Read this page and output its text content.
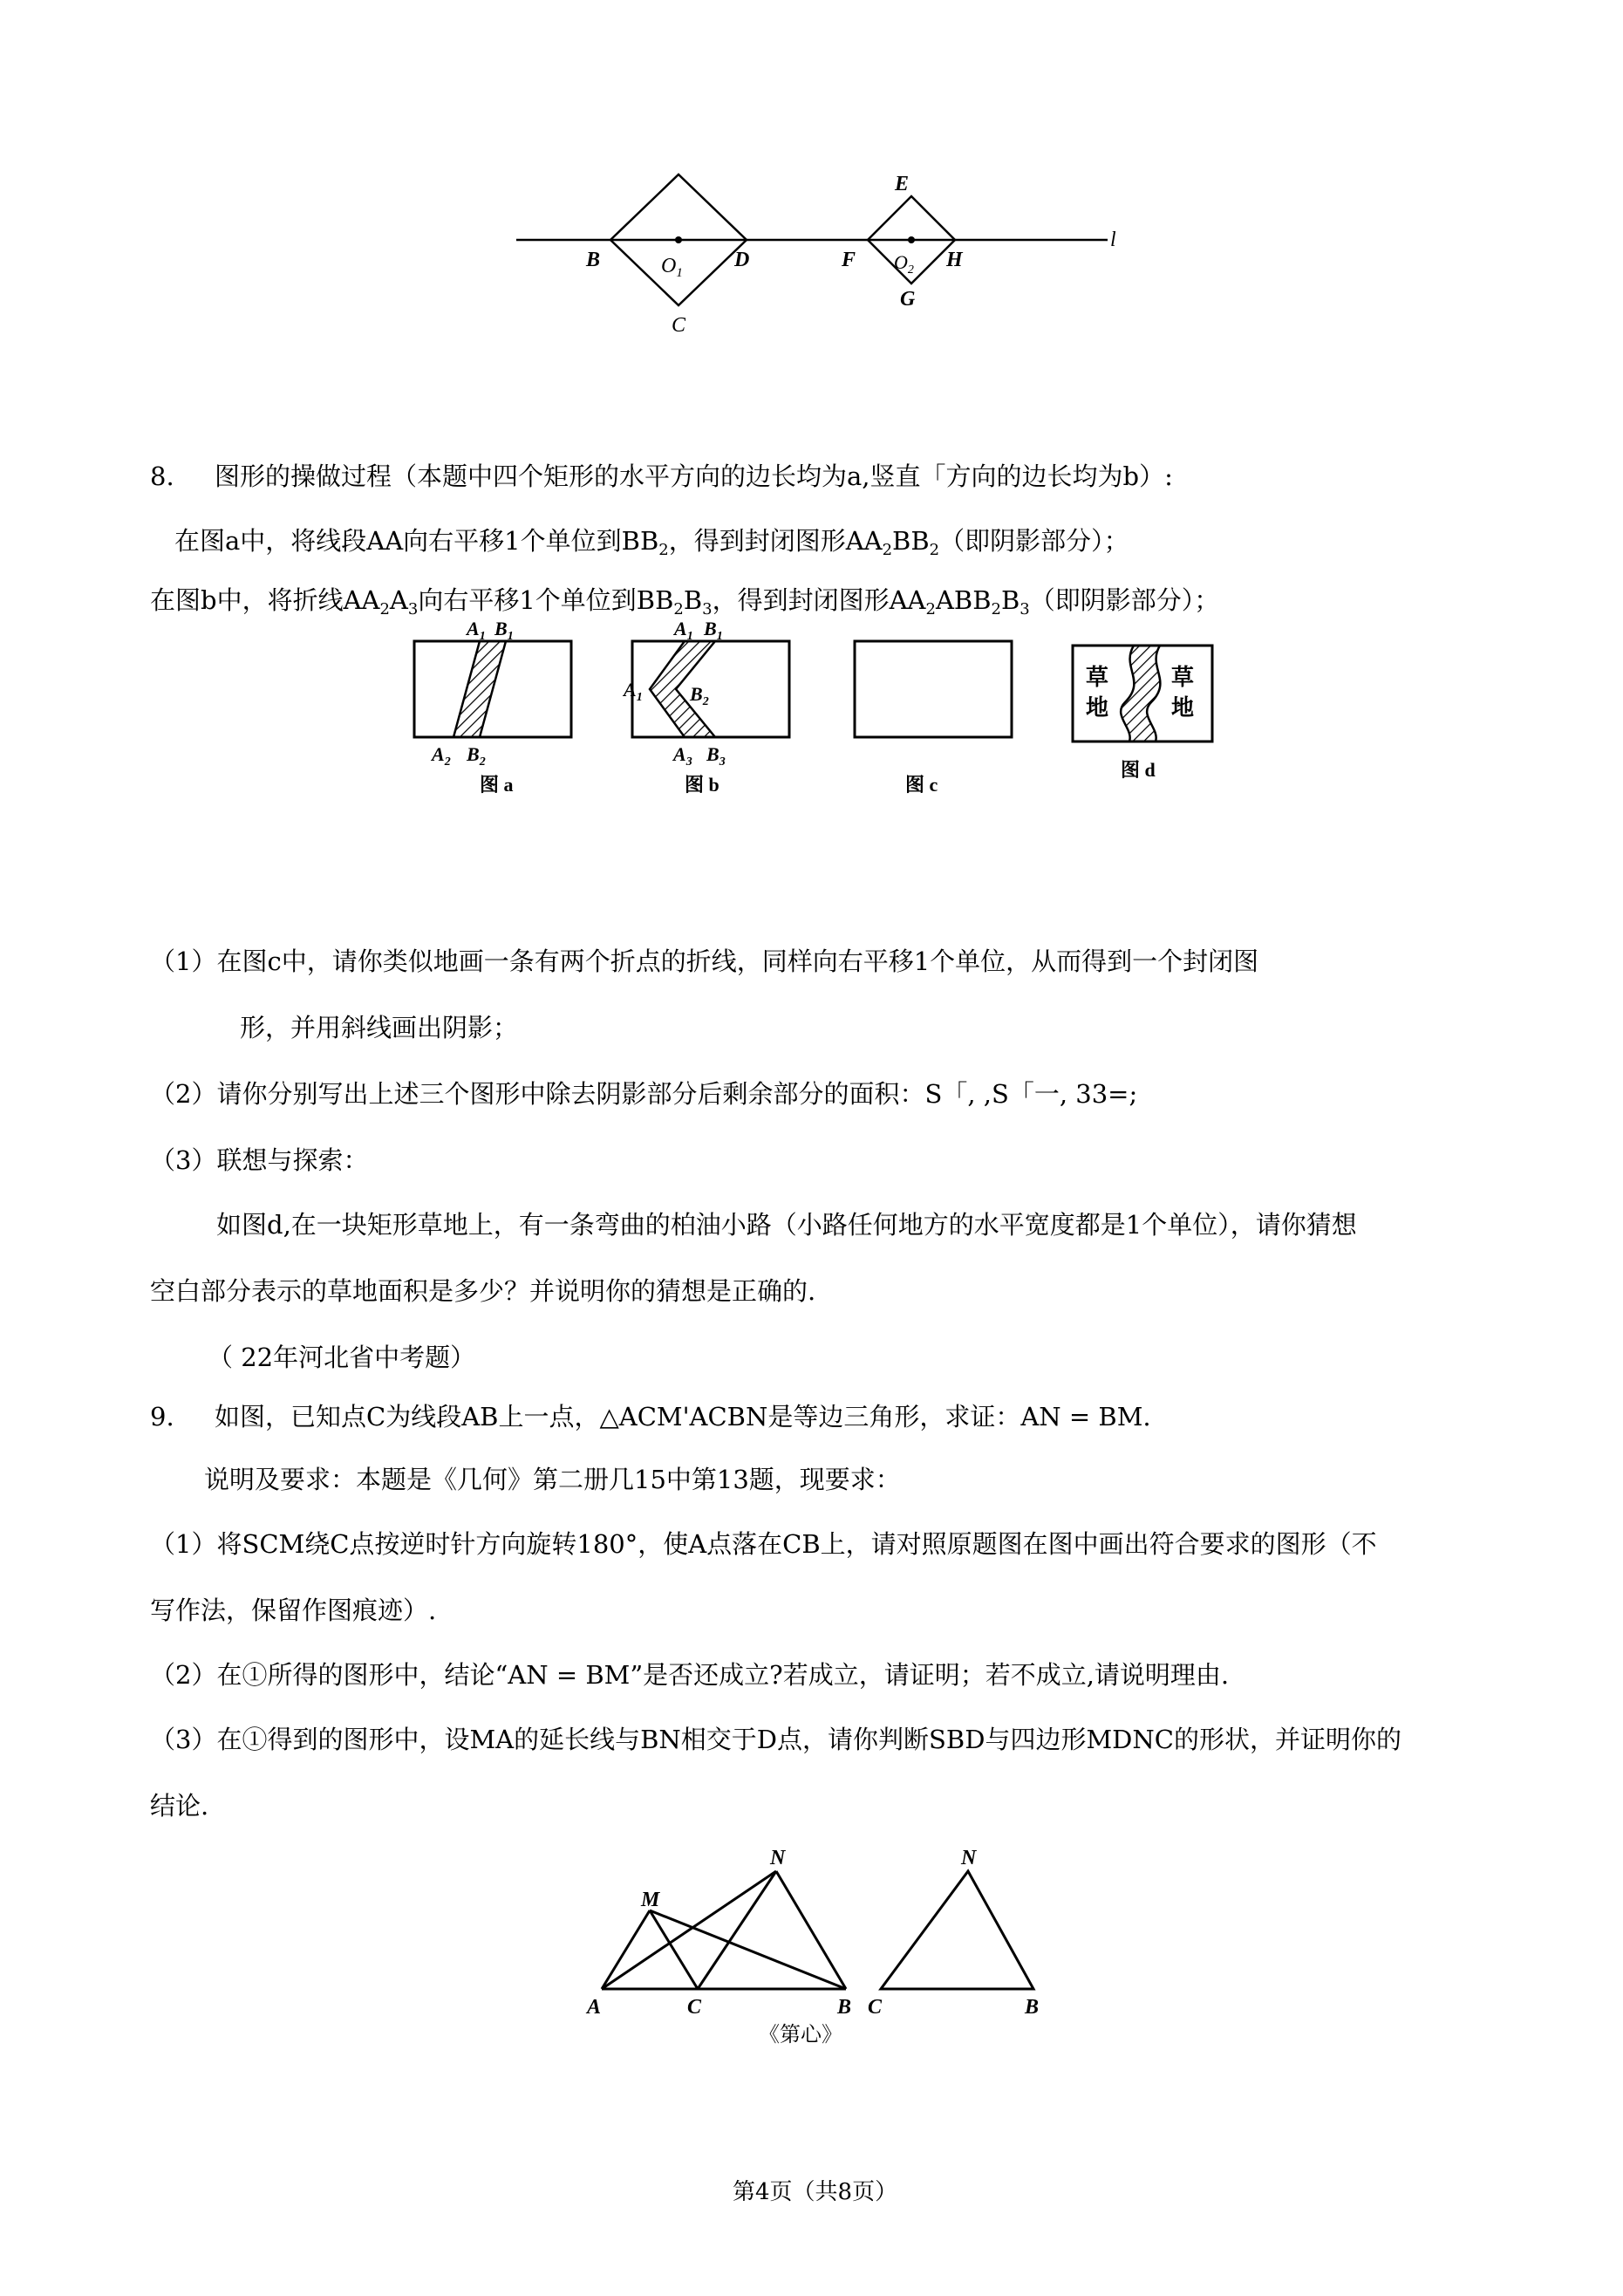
B	$O_1$
D
C
E
F $O_2$ H
G
l
8. 图形的操做过程（本题中四个矩形的水平方向的边长均为a,竖直「方向的边长均为b）:
在图a中，将线段AA向右平移1个单位到$BB_2$，得到封闭图形$AA_2BB_2$（即阴影部分）；
在图b中，将折线$AA_2A_3$向右平移1个单位到$BB_2B_3$，得到封闭图形$AA_2ABB_2B_3$（即阴影部分）；
$A_1$ $B_1$
$A_2$ $B_2$
图 a
$A_1$ $B_1$
$A_1$ $B_2$
$A_3$ $B_3$
图 b	图 c
草
地
草
地
图 d
（1）在图c中，请你类似地画一条有两个折点的折线，同样向右平移1个单位，从而得到一个封闭图
形，并用斜线画出阴影；
（2）请你分别写出上述三个图形中除去阴影部分后剩余部分的面积：S「, ,S「一, 33=;
（3）联想与探索：
如图d,在一块矩形草地上，有一条弯曲的柏油小路（小路任何地方的水平宽度都是1个单位），请你猜想
空白部分表示的草地面积是多少？并说明你的猜想是正确的.
（ 22年河北省中考题）
9. 如图，已知点C为线段AB上一点，△ACM'ACBN是等边三角形，求证：AN = BM.
说明及要求：本题是《几何》第二册几15中第13题，现要求：
（1）将SCM绕C点按逆时针方向旋转180°，使A点落在CB上，请对照原题图在图中画出符合要求的图形（不
写作法，保留作图痕迹）.
（2）在①所得的图形中，结论“AN = BM”是否还成立?若成立，请证明；若不成立,请说明理由.
（3）在①得到的图形中，设MA的延长线与BN相交于D点，请你判断SBD与四边形MDNC的形状，并证明你的
结论.
M
N
A	C	B
N
C	B
《第心》
第4页（共8页）
